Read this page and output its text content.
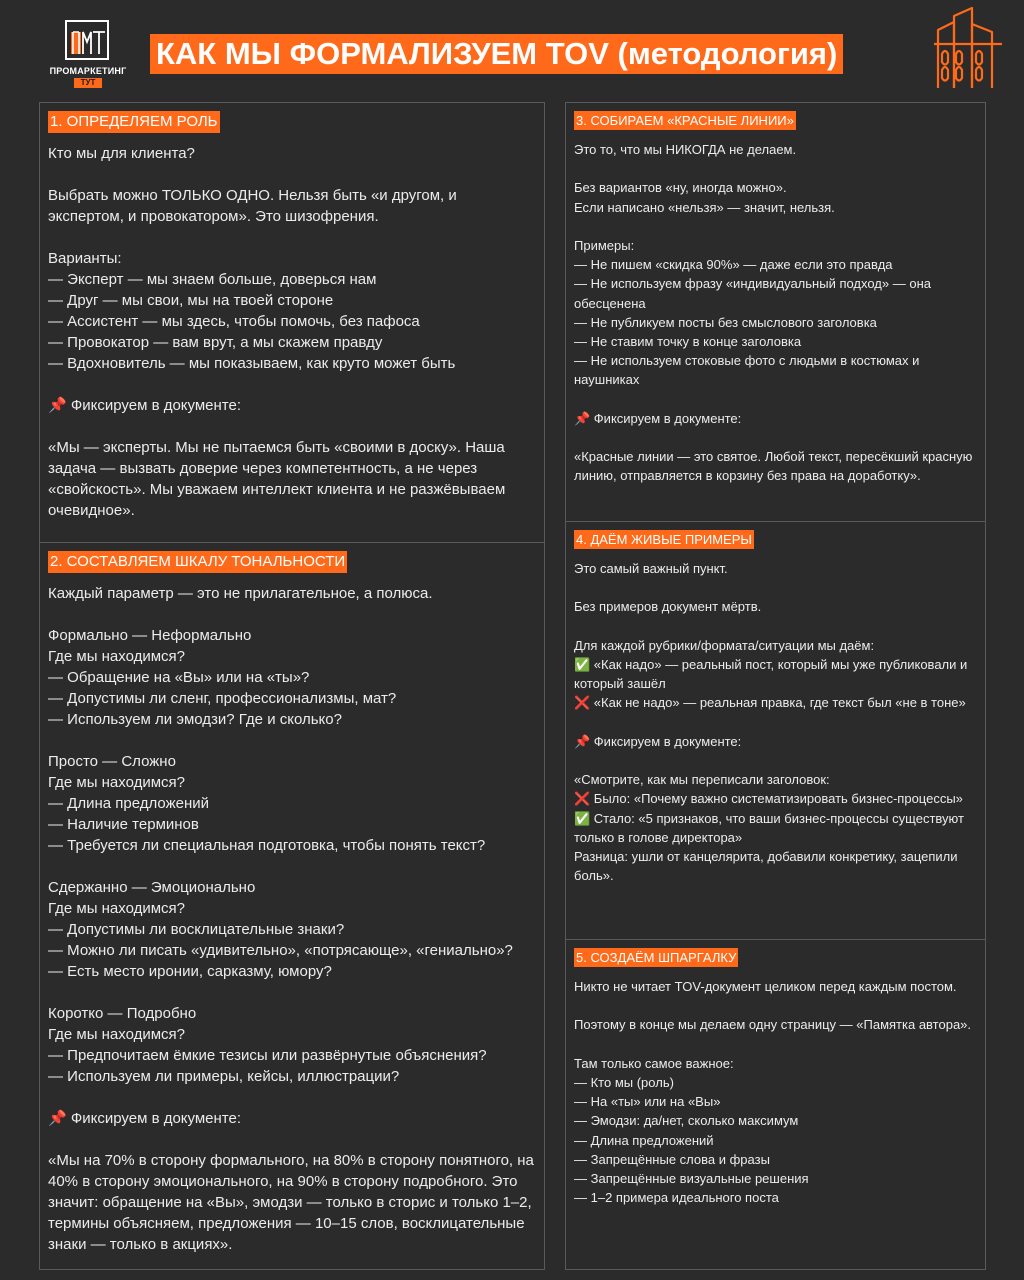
ПРОМАРКЕТИНГ
ТУТ
КАК МЫ ФОРМАЛИЗУЕМ TOV (методология)
1. ОПРЕДЕЛЯЕМ РОЛЬ
Кто мы для клиента?

Выбрать можно ТОЛЬКО ОДНО. Нельзя быть «и другом, и экспертом, и провокатором». Это шизофрения.

Варианты:
— Эксперт — мы знаем больше, доверься нам
— Друг — мы свои, мы на твоей стороне
— Ассистент — мы здесь, чтобы помочь, без пафоса
— Провокатор — вам врут, а мы скажем правду
— Вдохновитель — мы показываем, как круто может быть

📌 Фиксируем в документе:

«Мы — эксперты. Мы не пытаемся быть «своими в доску». Наша задача — вызвать доверие через компетентность, а не через «свойскость». Мы уважаем интеллект клиента и не разжёвываем очевидное».
2. СОСТАВЛЯЕМ ШКАЛУ ТОНАЛЬНОСТИ
Каждый параметр — это не прилагательное, а полюса.

Формально — Неформально
Где мы находимся?
— Обращение на «Вы» или на «ты»?
— Допустимы ли сленг, профессионализмы, мат?
— Используем ли эмодзи? Где и сколько?

Просто — Сложно
Где мы находимся?
— Длина предложений
— Наличие терминов
— Требуется ли специальная подготовка, чтобы понять текст?

Сдержанно — Эмоционально
Где мы находимся?
— Допустимы ли восклицательные знаки?
— Можно ли писать «удивительно», «потрясающе», «гениально»?
— Есть место иронии, сарказму, юмору?

Коротко — Подробно
Где мы находимся?
— Предпочитаем ёмкие тезисы или развёрнутые объяснения?
— Используем ли примеры, кейсы, иллюстрации?

📌 Фиксируем в документе:

«Мы на 70% в сторону формального, на 80% в сторону понятного, на 40% в сторону эмоционального, на 90% в сторону подробного. Это значит: обращение на «Вы», эмодзи — только в сторис и только 1–2, термины объясняем, предложения — 10–15 слов, восклицательные знаки — только в акциях».
3. СОБИРАЕМ «КРАСНЫЕ ЛИНИИ»
Это то, что мы НИКОГДА не делаем.

Без вариантов «ну, иногда можно».
Если написано «нельзя» — значит, нельзя.

Примеры:
— Не пишем «скидка 90%» — даже если это правда
— Не используем фразу «индивидуальный подход» — она обесценена
— Не публикуем посты без смыслового заголовка
— Не ставим точку в конце заголовка
— Не используем стоковые фото с людьми в костюмах и наушниках

📌 Фиксируем в документе:

«Красные линии — это святое. Любой текст, пересёкший красную линию, отправляется в корзину без права на доработку».
4. ДАЁМ ЖИВЫЕ ПРИМЕРЫ
Это самый важный пункт.

Без примеров документ мёртв.

Для каждой рубрики/формата/ситуации мы даём:
✅ «Как надо» — реальный пост, который мы уже публиковали и который зашёл
❌ «Как не надо» — реальная правка, где текст был «не в тоне»

📌 Фиксируем в документе:

«Смотрите, как мы переписали заголовок:
❌ Было: «Почему важно систематизировать бизнес-процессы»
✅ Стало: «5 признаков, что ваши бизнес-процессы существуют только в голове директора»
Разница: ушли от канцелярита, добавили конкретику, зацепили боль».
5. СОЗДАЁМ ШПАРГАЛКУ
Никто не читает TOV-документ целиком перед каждым постом.

Поэтому в конце мы делаем одну страницу — «Памятка автора».

Там только самое важное:
— Кто мы (роль)
— На «ты» или на «Вы»
— Эмодзи: да/нет, сколько максимум
— Длина предложений
— Запрещённые слова и фразы
— Запрещённые визуальные решения
— 1–2 примера идеального поста
